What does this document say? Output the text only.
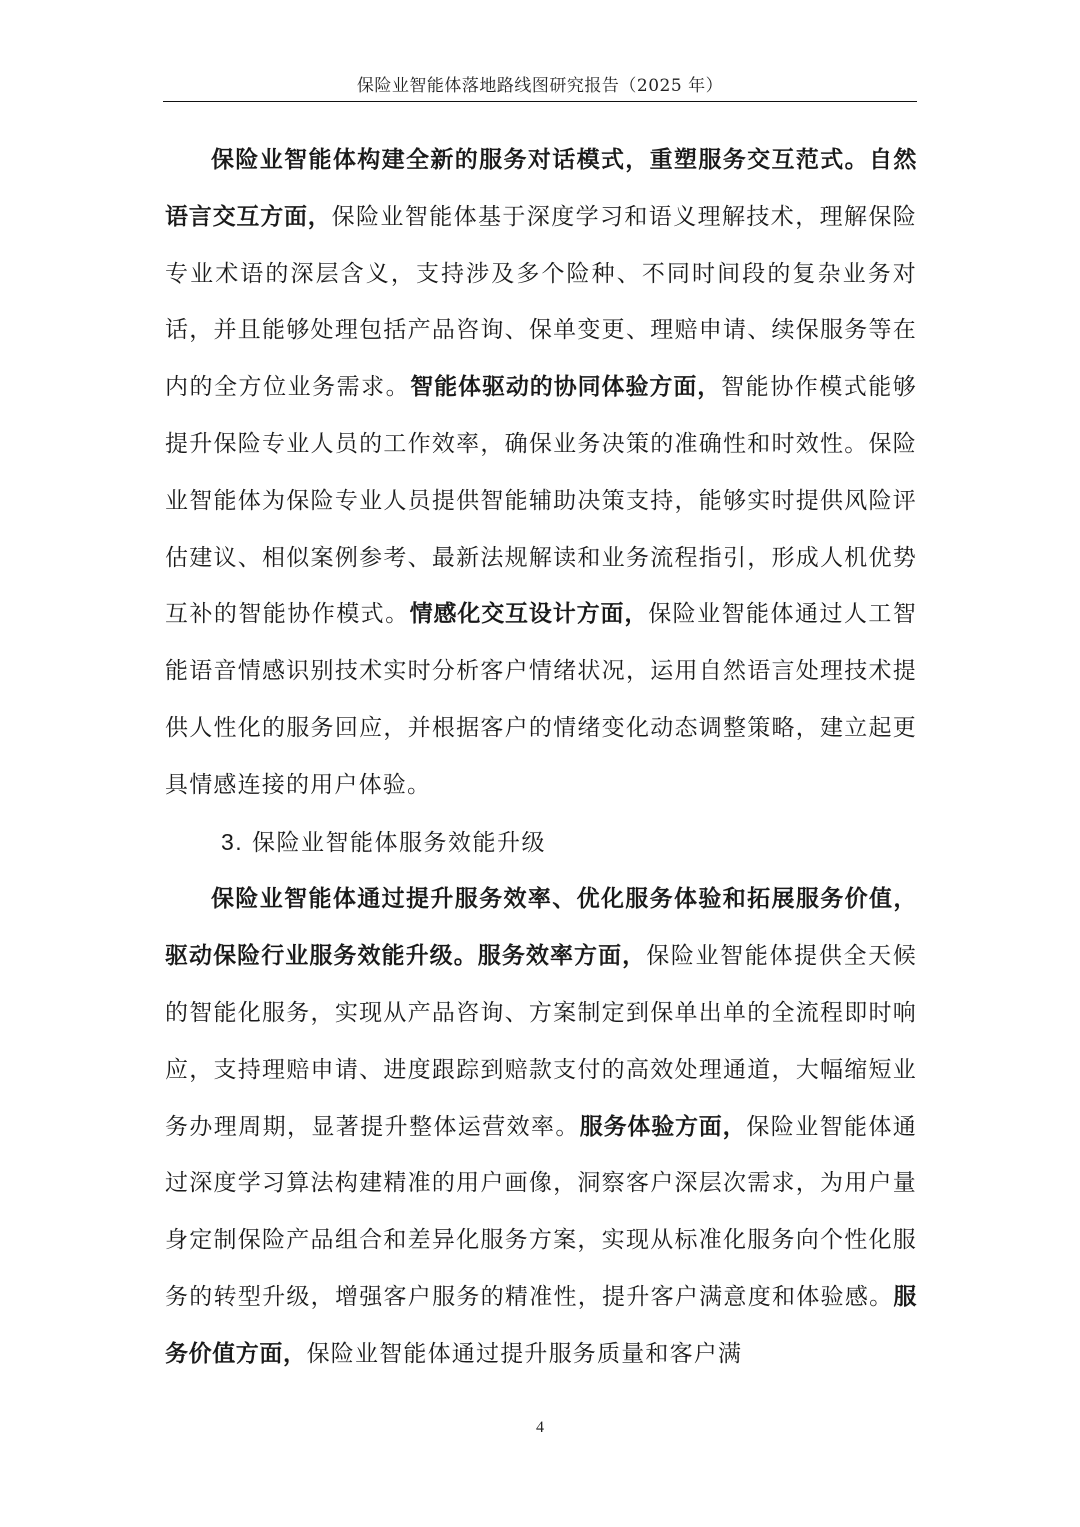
保险业智能体落地路线图研究报告（2025 年）

保险业智能体构建全新的服务对话模式，重塑服务交互范式。自然语言交互方面，保险业智能体基于深度学习和语义理解技术，理解保险专业术语的深层含义，支持涉及多个险种、不同时间段的复杂业务对话，并且能够处理包括产品咨询、保单变更、理赔申请、续保服务等在内的全方位业务需求。智能体驱动的协同体验方面，智能协作模式能够提升保险专业人员的工作效率，确保业务决策的准确性和时效性。保险业智能体为保险专业人员提供智能辅助决策支持，能够实时提供风险评估建议、相似案例参考、最新法规解读和业务流程指引，形成人机优势互补的智能协作模式。情感化交互设计方面，保险业智能体通过人工智能语音情感识别技术实时分析客户情绪状况，运用自然语言处理技术提供人性化的服务回应，并根据客户的情绪变化动态调整策略，建立起更具情感连接的用户体验。

3. 保险业智能体服务效能升级

保险业智能体通过提升服务效率、优化服务体验和拓展服务价值，驱动保险行业服务效能升级。服务效率方面，保险业智能体提供全天候的智能化服务，实现从产品咨询、方案制定到保单出单的全流程即时响应，支持理赔申请、进度跟踪到赔款支付的高效处理通道，大幅缩短业务办理周期，显著提升整体运营效率。服务体验方面，保险业智能体通过深度学习算法构建精准的用户画像，洞察客户深层次需求，为用户量身定制保险产品组合和差异化服务方案，实现从标准化服务向个性化服务的转型升级，增强客户服务的精准性，提升客户满意度和体验感。服务价值方面，保险业智能体通过提升服务质量和客户满

4
